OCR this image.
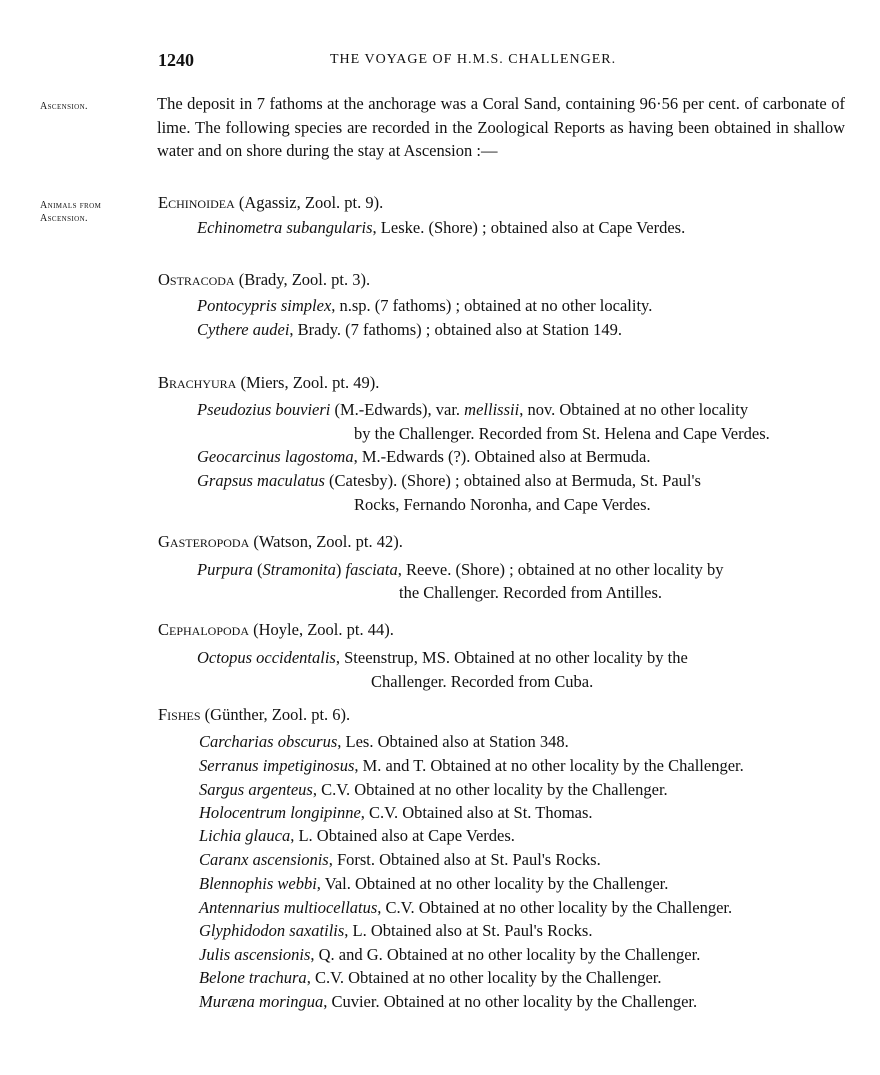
1240	THE VOYAGE OF H.M.S. CHALLENGER.
Ascension.
Animals from
Ascension.
The deposit in 7 fathoms at the anchorage was a Coral Sand, containing 96·56 per cent. of carbonate of lime. The following species are recorded in the Zoological Reports as having been obtained in shallow water and on shore during the stay at Ascension :—
Echinoidea (Agassiz, Zool. pt. 9).
Echinometra subangularis, Leske. (Shore) ; obtained also at Cape Verdes.
Ostracoda (Brady, Zool. pt. 3).
Pontocypris simplex, n.sp. (7 fathoms) ; obtained at no other locality.
Cythere audei, Brady. (7 fathoms) ; obtained also at Station 149.
Brachyura (Miers, Zool. pt. 49).
Pseudozius bouvieri (M.-Edwards), var. mellissii, nov. Obtained at no other locality
by the Challenger. Recorded from St. Helena and Cape Verdes.
Geocarcinus lagostoma, M.-Edwards (?). Obtained also at Bermuda.
Grapsus maculatus (Catesby). (Shore) ; obtained also at Bermuda, St. Paul's
Rocks, Fernando Noronha, and Cape Verdes.
Gasteropoda (Watson, Zool. pt. 42).
Purpura (Stramonita) fasciata, Reeve. (Shore) ; obtained at no other locality by
the Challenger. Recorded from Antilles.
Cephalopoda (Hoyle, Zool. pt. 44).
Octopus occidentalis, Steenstrup, MS. Obtained at no other locality by the
Challenger. Recorded from Cuba.
Fishes (Günther, Zool. pt. 6).
Carcharias obscurus, Les. Obtained also at Station 348.
Serranus impetiginosus, M. and T. Obtained at no other locality by the Challenger.
Sargus argenteus, C.V. Obtained at no other locality by the Challenger.
Holocentrum longipinne, C.V. Obtained also at St. Thomas.
Lichia glauca, L. Obtained also at Cape Verdes.
Caranx ascensionis, Forst. Obtained also at St. Paul's Rocks.
Blennophis webbi, Val. Obtained at no other locality by the Challenger.
Antennarius multiocellatus, C.V. Obtained at no other locality by the Challenger.
Glyphidodon saxatilis, L. Obtained also at St. Paul's Rocks.
Julis ascensionis, Q. and G. Obtained at no other locality by the Challenger.
Belone trachura, C.V. Obtained at no other locality by the Challenger.
Muræna moringua, Cuvier. Obtained at no other locality by the Challenger.
